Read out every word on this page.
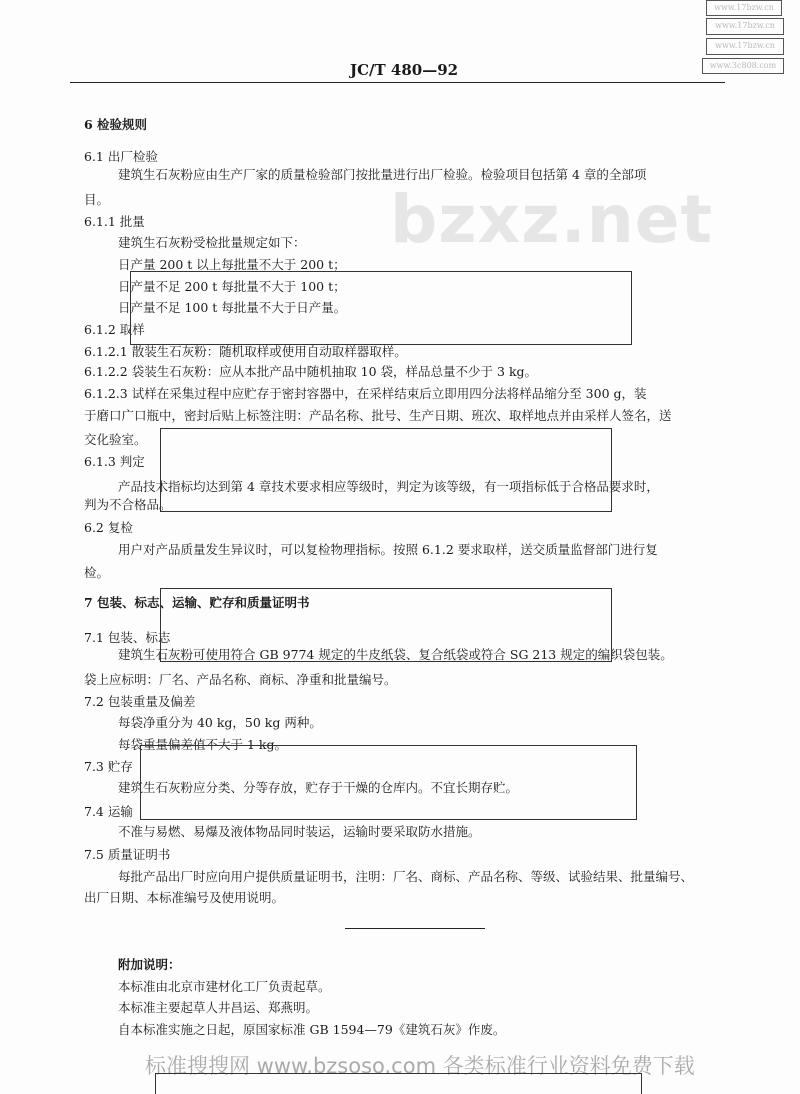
bzxz.net
www.17bzw.cn
www.17bzw.cn
www.17bzw.cn
www.3c808.com
JC/T 480—92
6 检验规则
6.1 出厂检验
建筑生石灰粉应由生产厂家的质量检验部门按批量进行出厂检验。检验项目包括第 4 章的全部项
目。
6.1.1 批量
建筑生石灰粉受检批量规定如下：
日产量 200 t 以上每批量不大于 200 t；
日产量不足 200 t 每批量不大于 100 t；
日产量不足 100 t 每批量不大于日产量。
6.1.2 取样
6.1.2.1 散装生石灰粉：随机取样或使用自动取样器取样。
6.1.2.2 袋装生石灰粉：应从本批产品中随机抽取 10 袋，样品总量不少于 3 kg。
6.1.2.3 试样在采集过程中应贮存于密封容器中，在采样结束后立即用四分法将样品缩分至 300 g，装
于磨口广口瓶中，密封后贴上标签注明：产品名称、批号、生产日期、班次、取样地点并由采样人签名，送
交化验室。
6.1.3 判定
产品技术指标均达到第 4 章技术要求相应等级时，判定为该等级，有一项指标低于合格品要求时，
判为不合格品。
6.2 复检
用户对产品质量发生异议时，可以复检物理指标。按照 6.1.2 要求取样，送交质量监督部门进行复
检。
7 包装、标志、运输、贮存和质量证明书
7.1 包装、标志
建筑生石灰粉可使用符合 GB 9774 规定的牛皮纸袋、复合纸袋或符合 SG 213 规定的编织袋包装。
袋上应标明：厂名、产品名称、商标、净重和批量编号。
7.2 包装重量及偏差
每袋净重分为 40 kg，50 kg 两种。
每袋重量偏差值不大于 1 kg。
7.3 贮存
建筑生石灰粉应分类、分等存放，贮存于干燥的仓库内。不宜长期存贮。
7.4 运输
不准与易燃、易爆及液体物品同时装运，运输时要采取防水措施。
7.5 质量证明书
每批产品出厂时应向用户提供质量证明书，注明：厂名、商标、产品名称、等级、试验结果、批量编号、
出厂日期、本标准编号及使用说明。
附加说明：
本标准由北京市建材化工厂负责起草。
本标准主要起草人井昌运、郑燕明。
自本标准实施之日起，原国家标准 GB 1594—79《建筑石灰》作废。
标准搜搜网 www.bzsoso.com 各类标准行业资料免费下载
